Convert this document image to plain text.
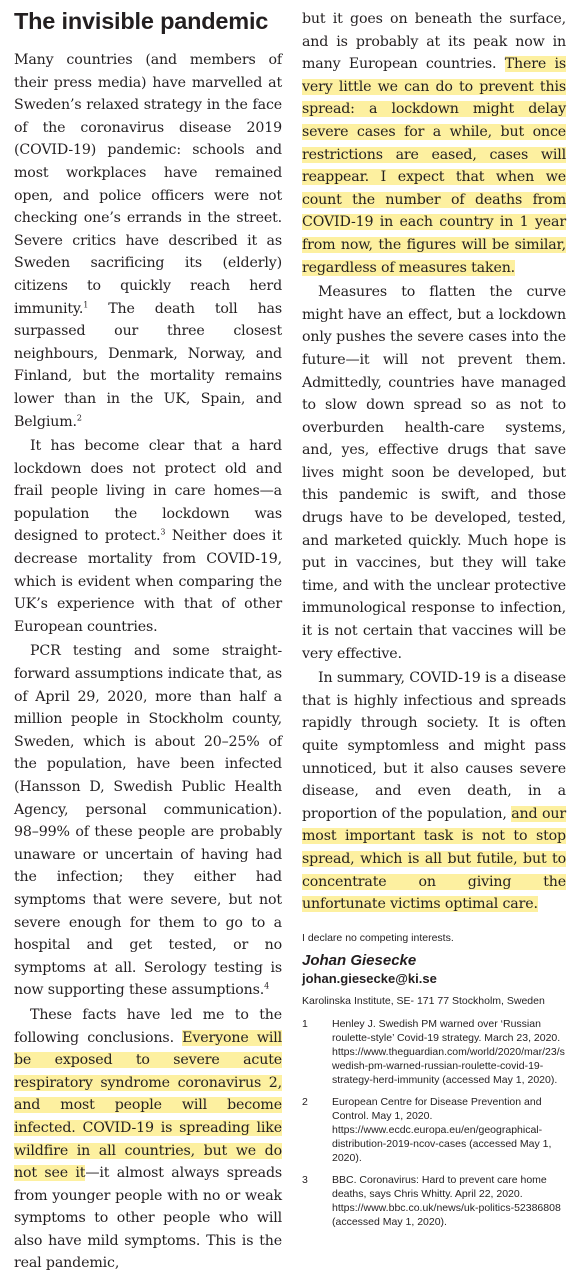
The invisible pandemic

Many countries (and members of their press media) have marvelled at Sweden’s relaxed strategy in the face of the coronavirus disease 2019 (COVID-19) pandemic: schools and most workplaces have remained open, and police officers were not checking one’s errands in the street. Severe critics have described it as Sweden sacrificing its (elderly) citizens to quickly reach herd immunity.$^1$ The death toll has surpassed our three closest neighbours, Denmark, Norway, and Finland, but the mortality remains lower than in the UK, Spain, and Belgium.$^2$

It has become clear that a hard lockdown does not protect old and frail people living in care homes—a population the lockdown was designed to protect.$^3$ Neither does it decrease mortality from COVID-19, which is evident when comparing the UK’s experience with that of other European countries.

PCR testing and some straight-forward assumptions indicate that, as of April 29, 2020, more than half a million people in Stockholm county, Sweden, which is about 20–25% of the population, have been infected (Hansson D, Swedish Public Health Agency, personal communication). 98–99% of these people are probably unaware or uncertain of having had the infection; they either had symptoms that were severe, but not severe enough for them to go to a hospital and get tested, or no symptoms at all. Serology testing is now supporting these assumptions.$^4$

These facts have led me to the following conclusions. Everyone will be exposed to severe acute respiratory syndrome coronavirus 2, and most people will become infected. COVID-19 is spreading like wildfire in all countries, but we do not see it—it almost always spreads from younger people with no or weak symptoms to other people who will also have mild symptoms. This is the real pandemic,

but it goes on beneath the surface, and is probably at its peak now in many European countries. There is very little we can do to prevent this spread: a lockdown might delay severe cases for a while, but once restrictions are eased, cases will reappear. I expect that when we count the number of deaths from COVID-19 in each country in 1 year from now, the figures will be similar, regardless of measures taken.

Measures to flatten the curve might have an effect, but a lockdown only pushes the severe cases into the future—it will not prevent them. Admittedly, countries have managed to slow down spread so as not to overburden health-care systems, and, yes, effective drugs that save lives might soon be developed, but this pandemic is swift, and those drugs have to be developed, tested, and marketed quickly. Much hope is put in vaccines, but they will take time, and with the unclear protective immunological response to infection, it is not certain that vaccines will be very effective.

In summary, COVID-19 is a disease that is highly infectious and spreads rapidly through society. It is often quite symptomless and might pass unnoticed, but it also causes severe disease, and even death, in a proportion of the population, and our most important task is not to stop spread, which is all but futile, but to concentrate on giving the unfortunate victims optimal care.

I declare no competing interests.

Johan Giesecke

johan.giesecke@ki.se

Karolinska Institute, SE- 171 77 Stockholm, Sweden

1	Henley J. Swedish PM warned over ‘Russian roulette-style’ Covid-19 strategy. March 23, 2020. https://www.theguardian.com/world/2020/mar/23/swedish-pm-warned-russian-roulette-covid-19-strategy-herd-immunity (accessed May 1, 2020).
2	European Centre for Disease Prevention and Control. May 1, 2020. https://www.ecdc.europa.eu/en/geographical-distribution-2019-ncov-cases (accessed May 1, 2020).
3	BBC. Coronavirus: Hard to prevent care home deaths, says Chris Whitty. April 22, 2020. https://www.bbc.co.uk/news/uk-politics-52386808 (accessed May 1, 2020).
